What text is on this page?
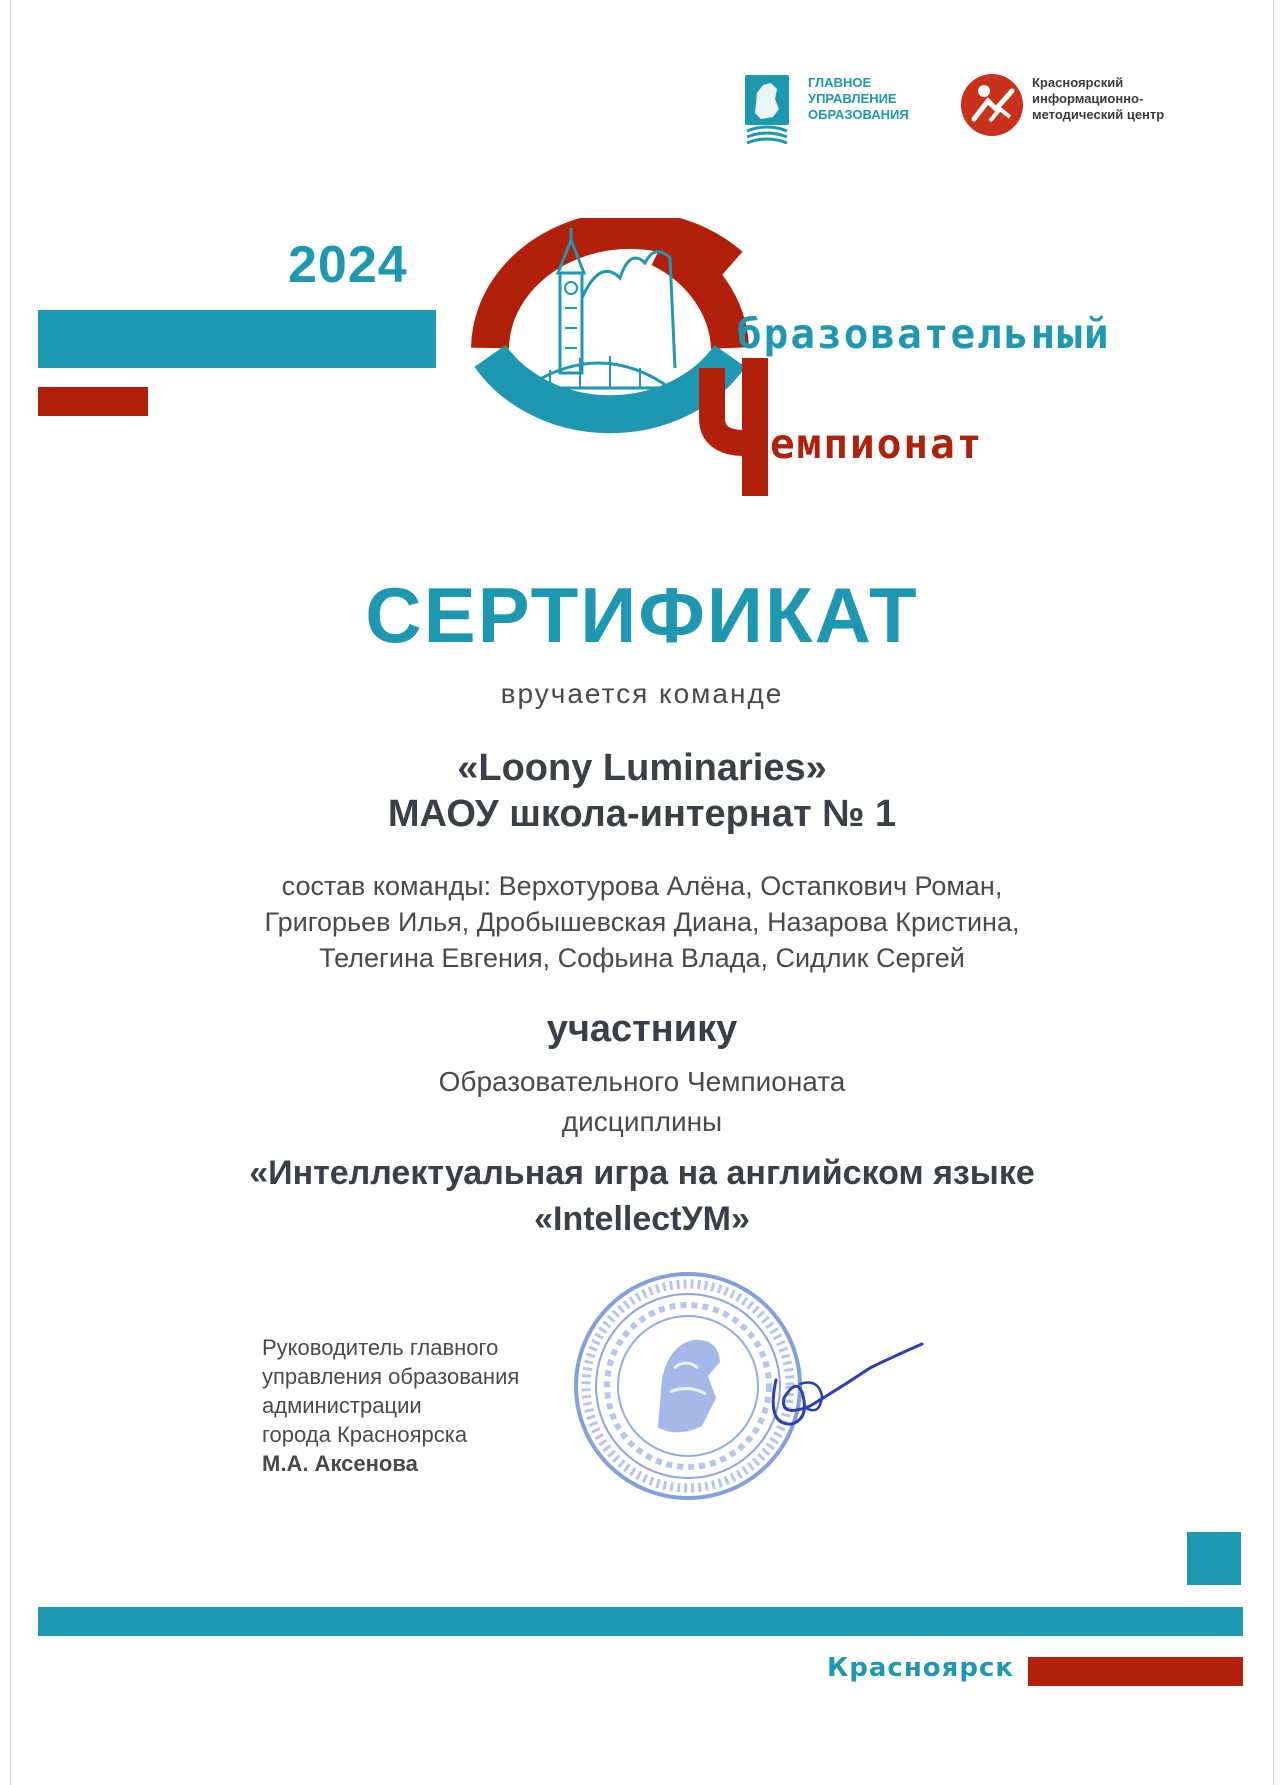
ГЛАВНОЕ
УПРАВЛЕНИЕ
ОБРАЗОВАНИЯ
Красноярский
информационно-
методический центр
2024
бразовательный
емпионат
СЕРТИФИКАТ
вручается команде
«Loony Luminaries»
МАОУ школа-интернат № 1
состав команды: Верхотурова Алёна, Остапкович Роман,
Григорьев Илья, Дробышевская Диана, Назарова Кристина,
Телегина Евгения, Софьина Влада, Сидлик Сергей
участнику
Образовательного Чемпионата
дисциплины
«Интеллектуальная игра на английском языке
«IntellectУМ»
Руководитель главного
управления образования
администрации
города Красноярска
М.А. Аксенова
Красноярск
